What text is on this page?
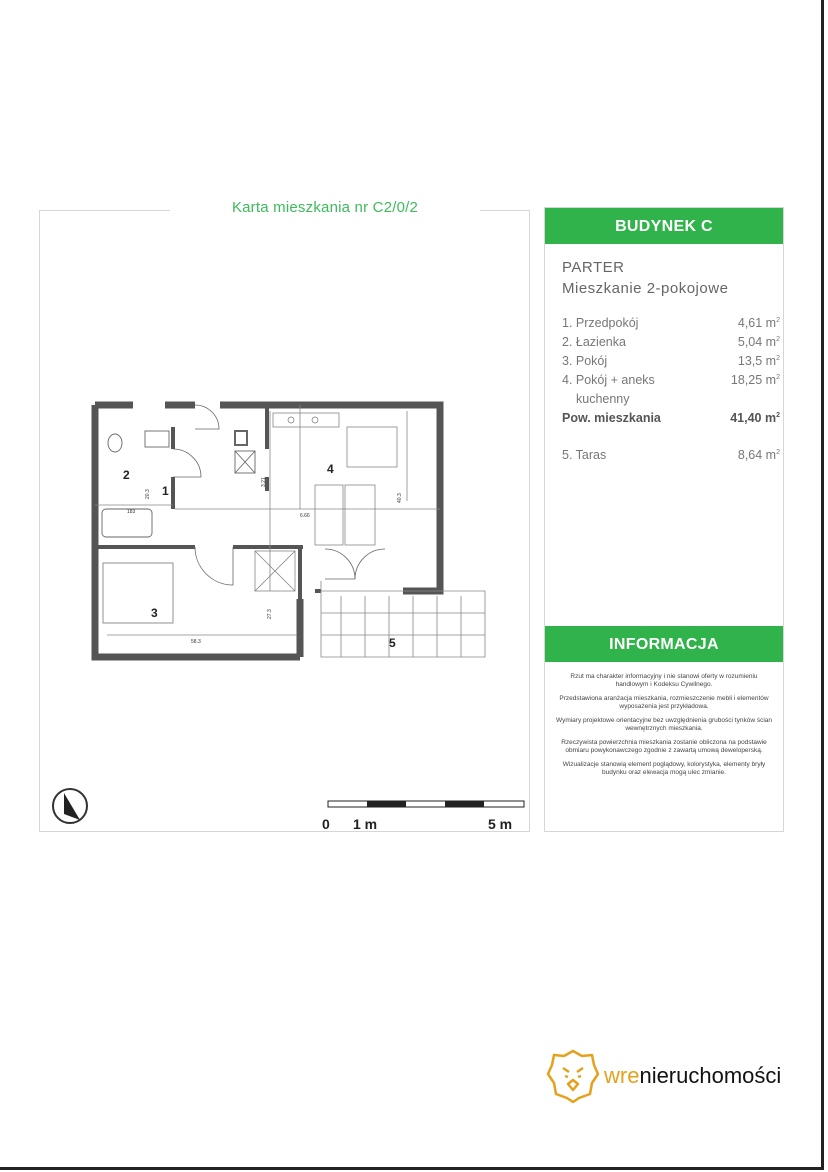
Karta mieszkania nr C2/0/2
1
2
3
4
5
183
20.3
3.21
6.66
40.3
58.3
27.3
0 1 m	5 m
BUDYNEK C
PARTER
Mieszkanie 2-pokojowe
1. Przedpokój	4,61 $m^2$
2. Łazienka	5,04 $m^2$
3. Pokój	13,5 $m^2$
4. Pokój + aneks	18,25 $m^2$
kuchenny
Pow. mieszkania	41,40 $m^2$
5. Taras	8,64 $m^2$
INFORMACJA

Rzut ma charakter informacyjny i nie stanowi oferty w rozumieniu handlowym i Kodeksu Cywilnego.

Przedstawiona aranżacja mieszkania, rozmieszczenie mebli i elementów wyposażenia jest przykładowa.

Wymiary projektowe orientacyjne bez uwzględnienia grubości tynków ścian wewnętrznych mieszkania.

Rzeczywista powierzchnia mieszkania zostanie obliczona na podstawie obmiaru powykonawczego zgodnie z zawartą umową deweloperską.

Wizualizacje stanowią element poglądowy, kolorystyka, elementy bryły budynku oraz elewacja mogą ulec zmianie.

wrenieruchomości
